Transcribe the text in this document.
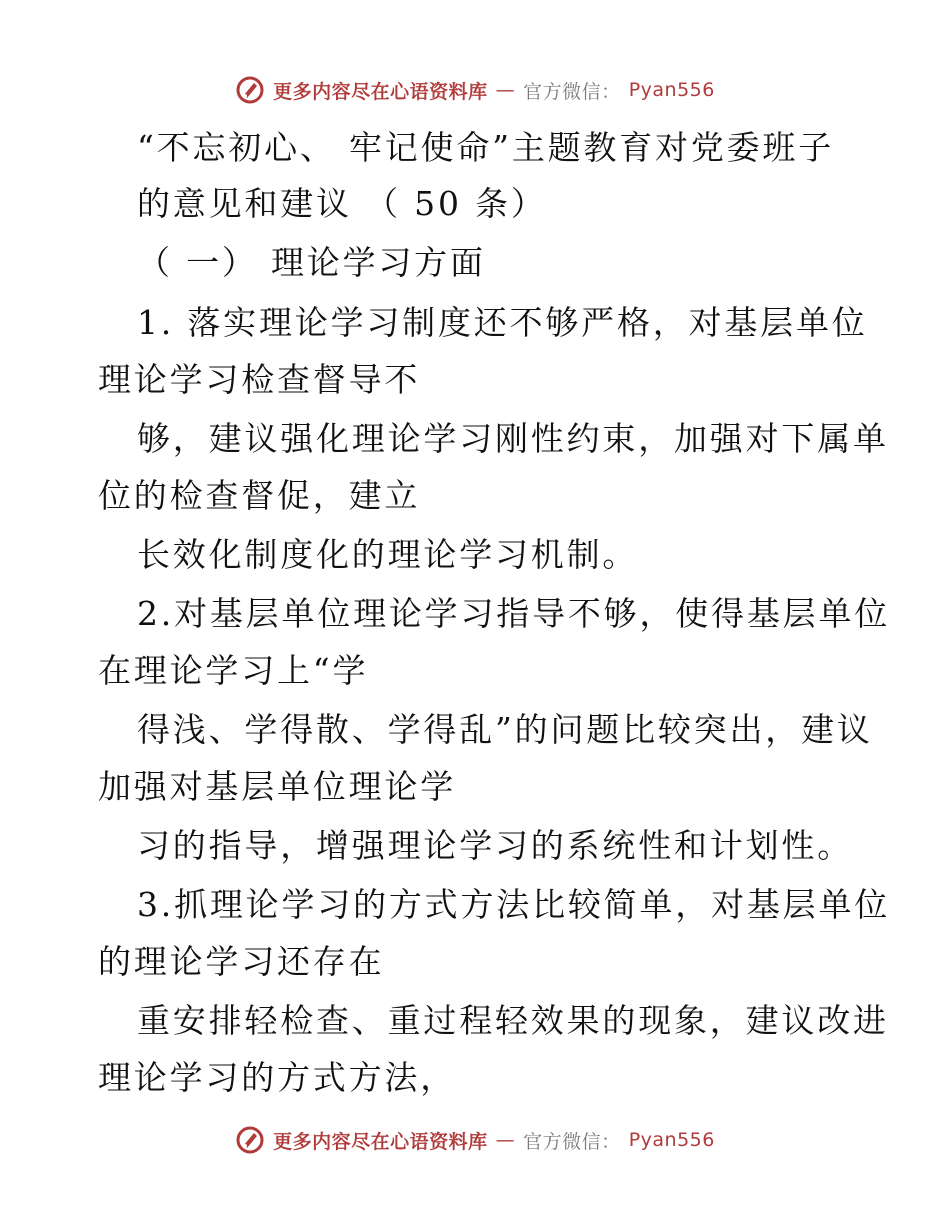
更多内容尽在心语资料库 — 官方微信： Pyan556
“不忘初心、 牢记使命”主题教育对党委班子
的意见和建议 （ 50 条）
（ 一） 理论学习方面
1. 落实理论学习制度还不够严格，对基层单位
理论学习检查督导不
够，建议强化理论学习刚性约束，加强对下属单
位的检查督促，建立
长效化制度化的理论学习机制。
2.对基层单位理论学习指导不够，使得基层单位
在理论学习上“学
得浅、学得散、学得乱”的问题比较突出，建议
加强对基层单位理论学
习的指导，增强理论学习的系统性和计划性。
3.抓理论学习的方式方法比较简单，对基层单位
的理论学习还存在
重安排轻检查、重过程轻效果的现象，建议改进
理论学习的方式方法，
更多内容尽在心语资料库 — 官方微信： Pyan556
